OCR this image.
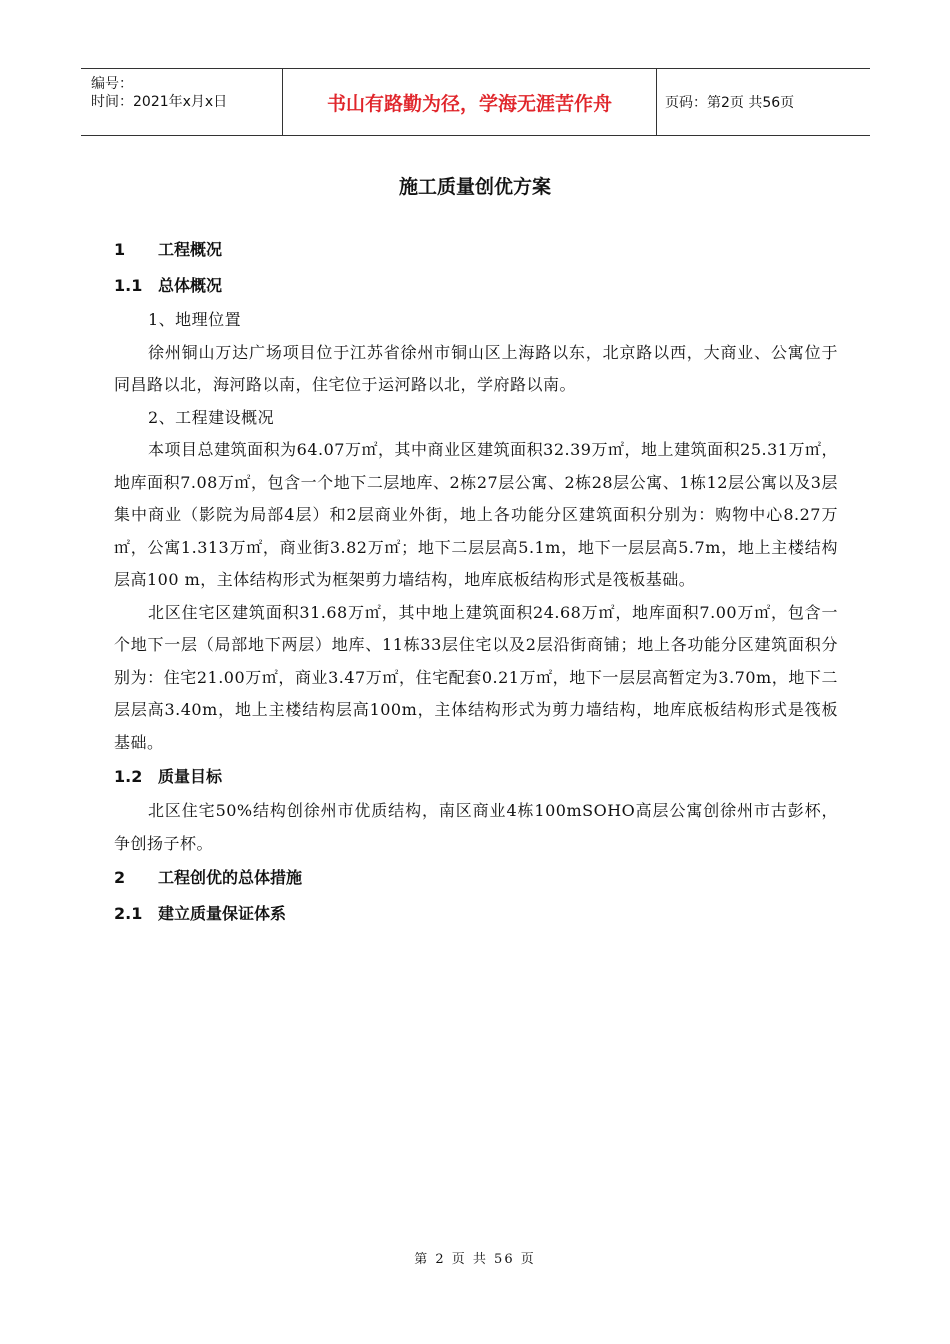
编号：
时间：2021年x月x日	书山有路勤为径，学海无涯苦作舟	页码：第2页 共56页
施工质量创优方案
1 工程概况
1.1 总体概况
1、地理位置
徐州铜山万达广场项目位于江苏省徐州市铜山区上海路以东，北京路以西，大商业、公寓位于同昌路以北，海河路以南，住宅位于运河路以北，学府路以南。
2、工程建设概况
本项目总建筑面积为64.07万㎡，其中商业区建筑面积32.39万㎡，地上建筑面积25.31万㎡，地库面积7.08万㎡，包含一个地下二层地库、2栋27层公寓、2栋28层公寓、1栋12层公寓以及3层集中商业（影院为局部4层）和2层商业外街，地上各功能分区建筑面积分别为：购物中心8.27万㎡，公寓1.313万㎡，商业街3.82万㎡；地下二层层高5.1m，地下一层层高5.7m，地上主楼结构层高100 m，主体结构形式为框架剪力墙结构，地库底板结构形式是筏板基础。
北区住宅区建筑面积31.68万㎡，其中地上建筑面积24.68万㎡，地库面积7.00万㎡，包含一个地下一层（局部地下两层）地库、11栋33层住宅以及2层沿街商铺；地上各功能分区建筑面积分别为：住宅21.00万㎡，商业3.47万㎡，住宅配套0.21万㎡，地下一层层高暂定为3.70m，地下二层层高3.40m，地上主楼结构层高100m，主体结构形式为剪力墙结构，地库底板结构形式是筏板基础。
1.2 质量目标
北区住宅50%结构创徐州市优质结构，南区商业4栋100mSOHO高层公寓创徐州市古彭杯，争创扬子杯。
2 工程创优的总体措施
2.1 建立质量保证体系
第 2 页 共 56 页
